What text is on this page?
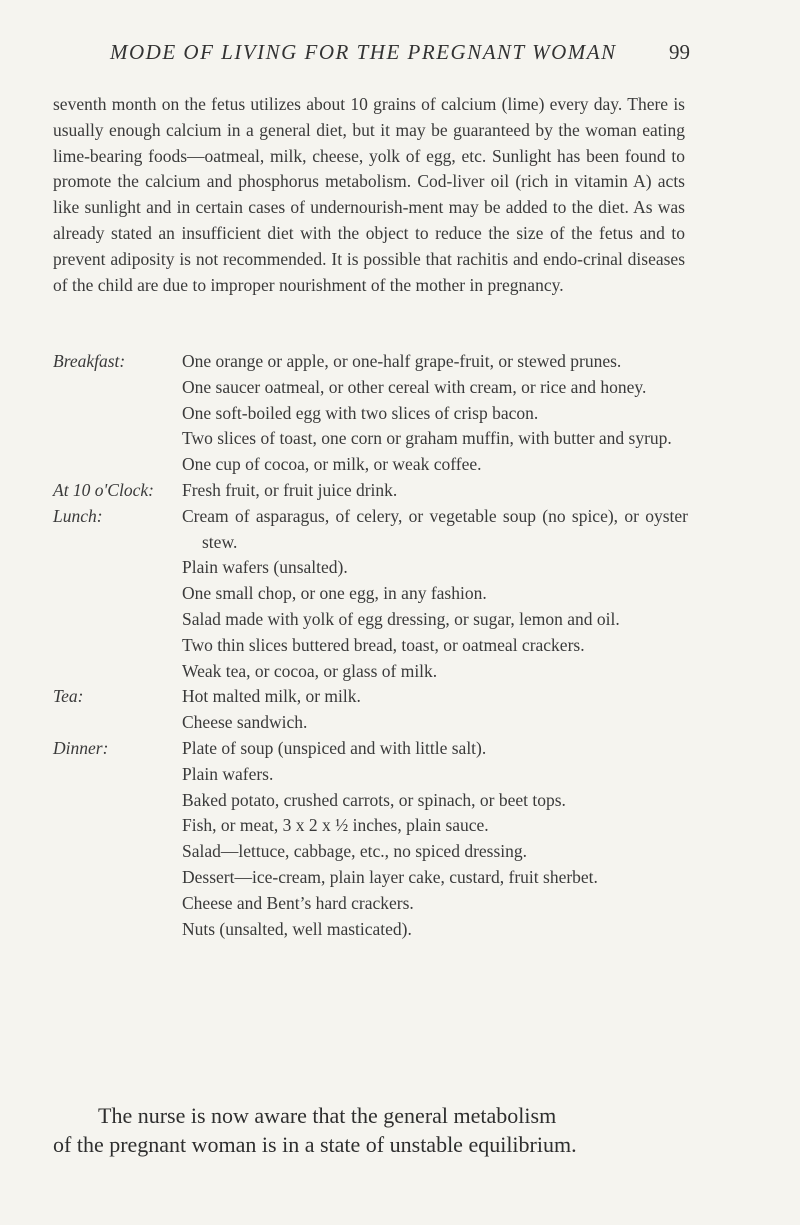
MODE OF LIVING FOR THE PREGNANT WOMAN 99

seventh month on the fetus utilizes about 10 grains of calcium (lime) every day. There is usually enough calcium in a general diet, but it may be guaranteed by the woman eating lime-bearing foods—oatmeal, milk, cheese, yolk of egg, etc. Sunlight has been found to promote the calcium and phosphorus metabolism. Cod-liver oil (rich in vitamin A) acts like sunlight and in certain cases of undernourish-ment may be added to the diet. As was already stated an insufficient diet with the object to reduce the size of the fetus and to prevent adiposity is not recommended. It is possible that rachitis and endo-crinal diseases of the child are due to improper nourishment of the mother in pregnancy.

Breakfast:	One orange or apple, or one-half grape-fruit, or stewed prunes.
One saucer oatmeal, or other cereal with cream, or rice and honey.
One soft-boiled egg with two slices of crisp bacon.
Two slices of toast, one corn or graham muffin, with butter and syrup.
One cup of cocoa, or milk, or weak coffee.
At 10 o'Clock:	Fresh fruit, or fruit juice drink.
Lunch:	Cream of asparagus, of celery, or vegetable soup (no spice), or oyster stew.
Plain wafers (unsalted).
One small chop, or one egg, in any fashion.
Salad made with yolk of egg dressing, or sugar, lemon and oil.
Two thin slices buttered bread, toast, or oatmeal crackers.
Weak tea, or cocoa, or glass of milk.
Tea:	Hot malted milk, or milk.
Cheese sandwich.
Dinner:	Plate of soup (unspiced and with little salt).
Plain wafers.
Baked potato, crushed carrots, or spinach, or beet tops.
Fish, or meat, 3 x 2 x ½ inches, plain sauce.
Salad—lettuce, cabbage, etc., no spiced dressing.
Dessert—ice-cream, plain layer cake, custard, fruit sherbet.
Cheese and Bent’s hard crackers.
Nuts (unsalted, well masticated).
The nurse is now aware that the general metabolism
of the pregnant woman is in a state of unstable equilibrium.
